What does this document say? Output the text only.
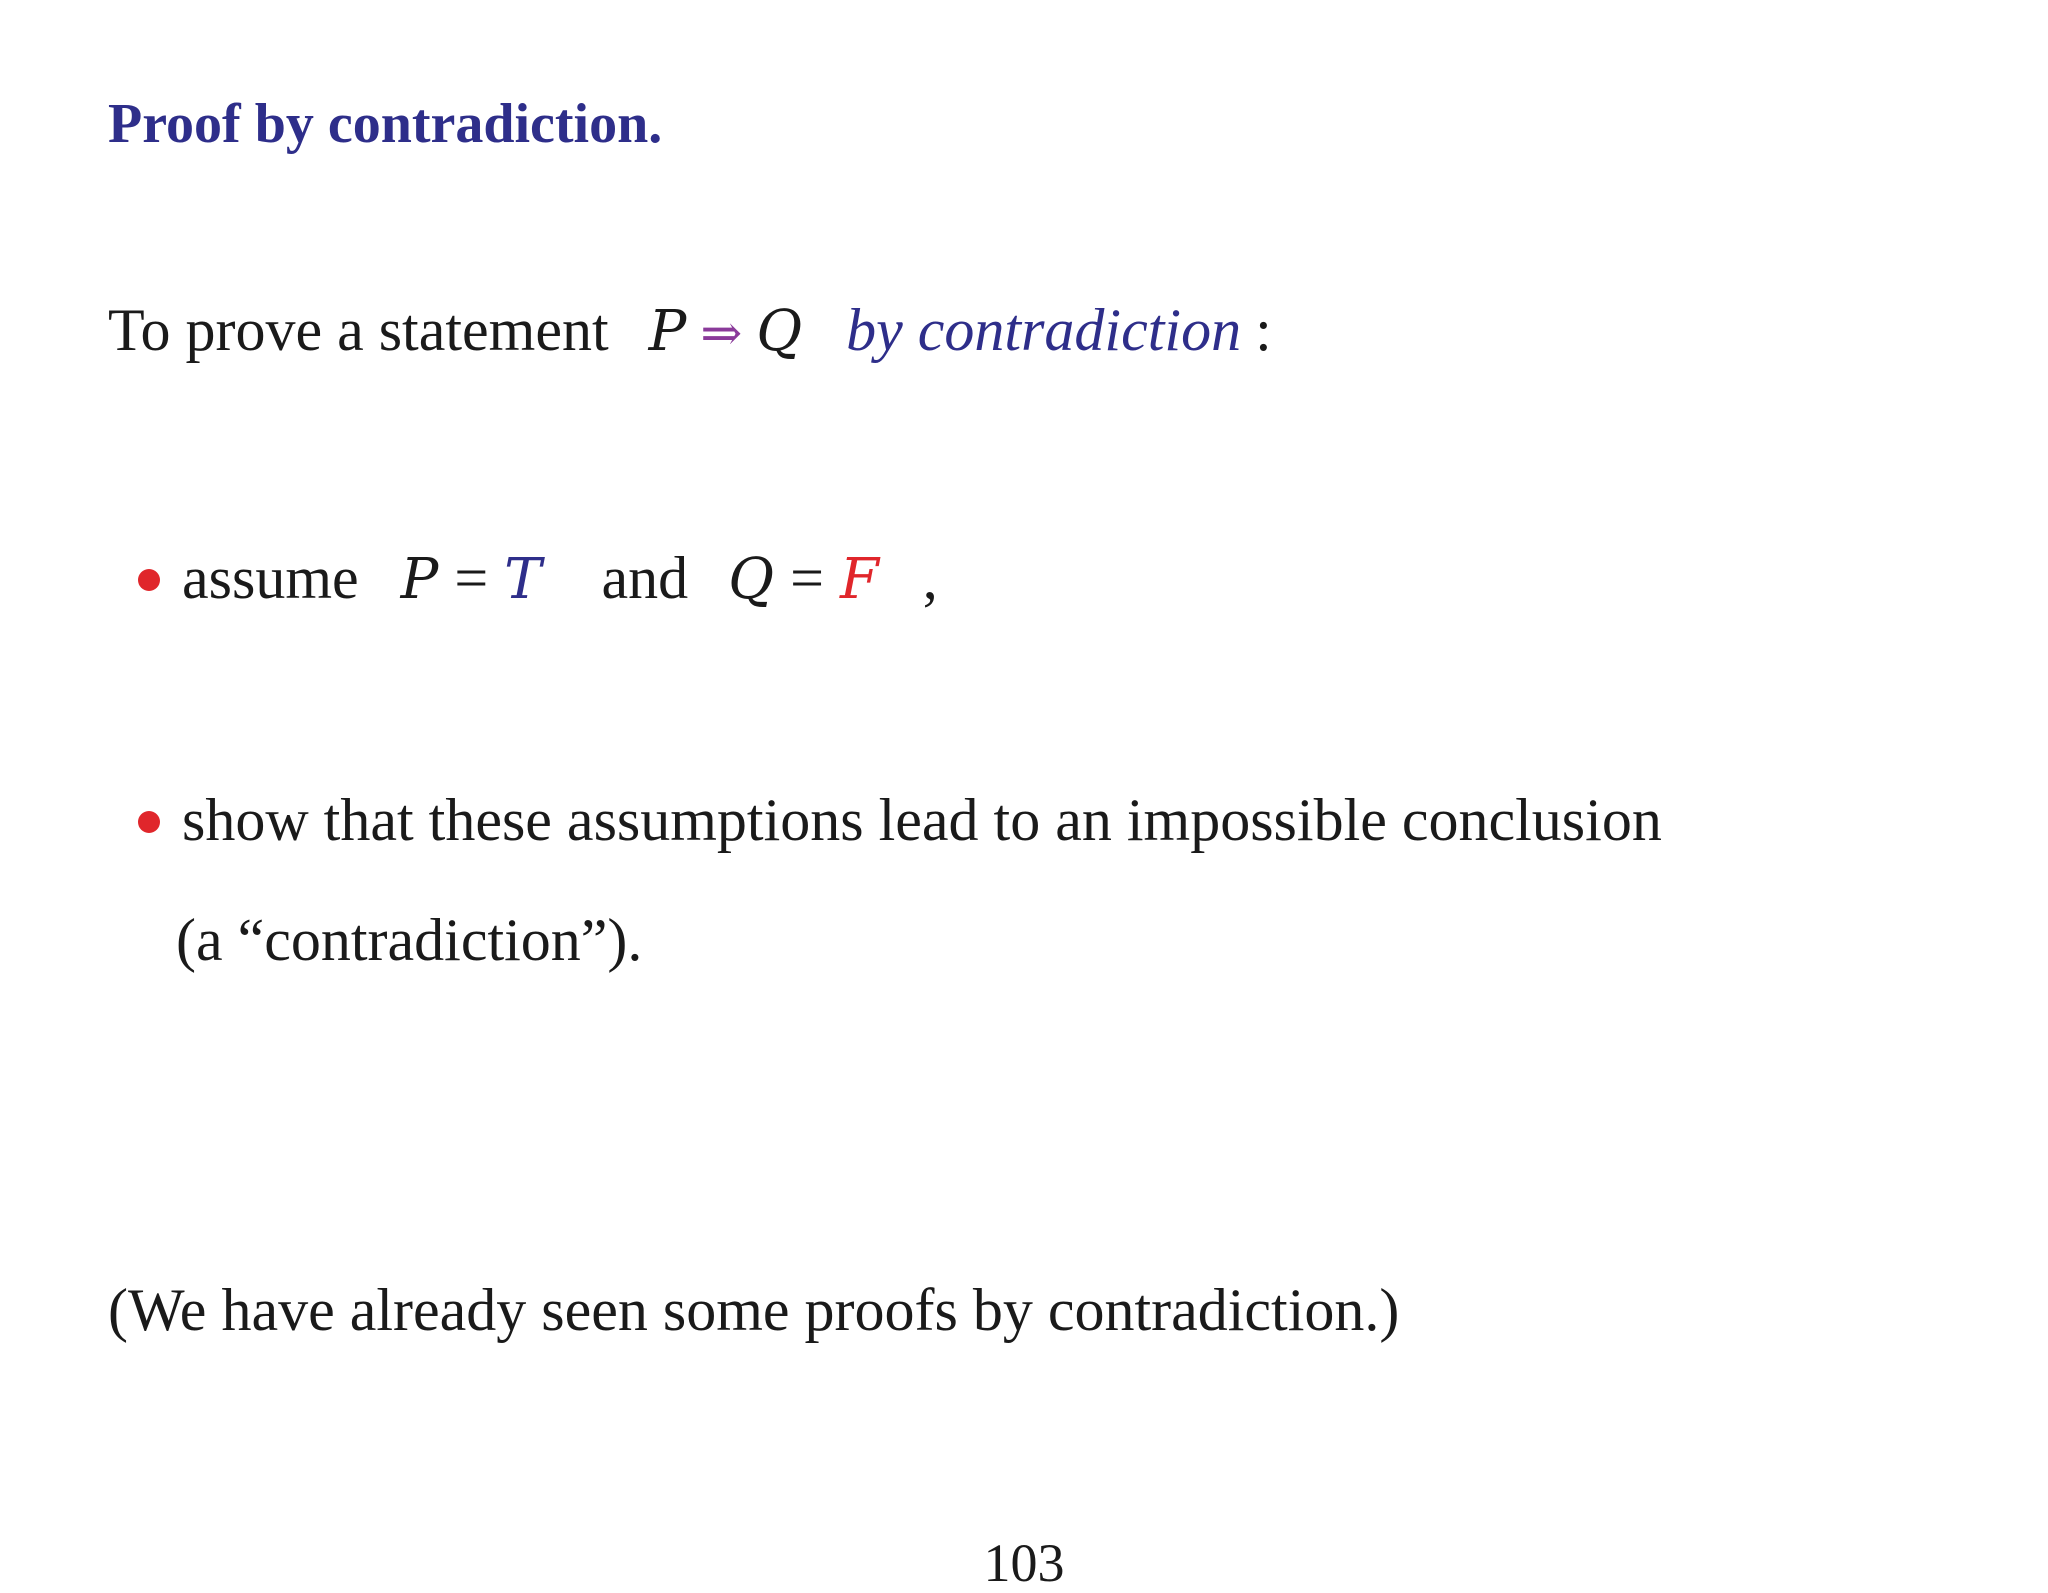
Proof by contradiction.

To prove a statement P ⇒ Q by contradiction :

assume P = T and Q = F ,

show that these assumptions lead to an impossible conclusion

(a “contradiction”).

(We have already seen some proofs by contradiction.)

103
